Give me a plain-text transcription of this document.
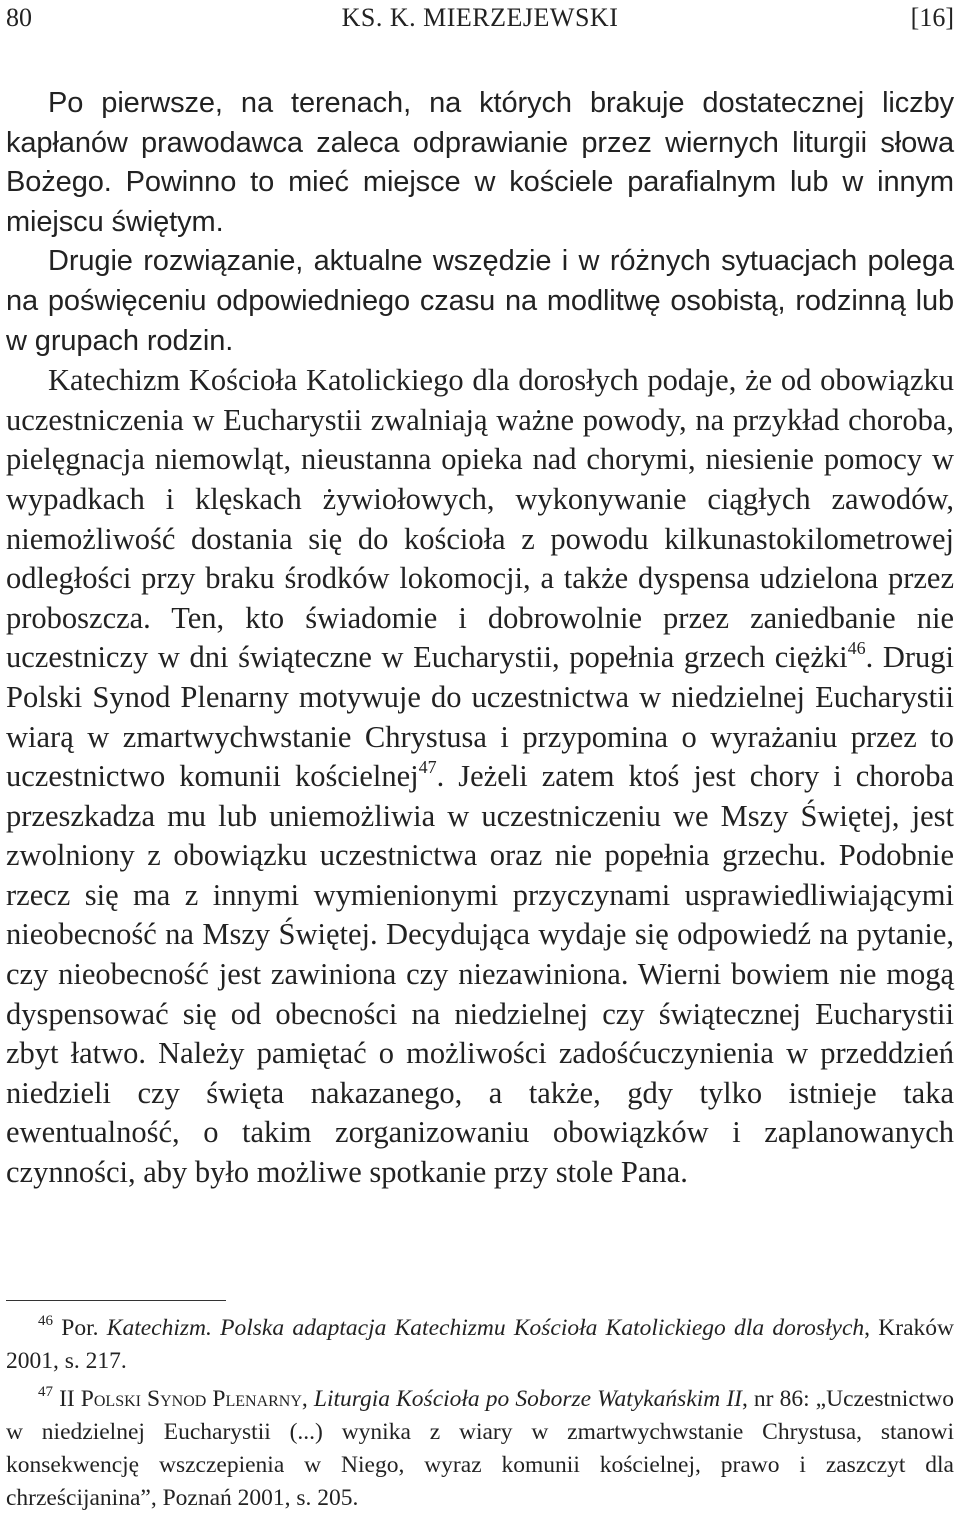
80	KS. K. MIERZEJEWSKI	[16]

Po pierwsze, na terenach, na których brakuje dostatecznej liczby kapłanów prawodawca zaleca odprawianie przez wiernych liturgii słowa Bożego. Powinno to mieć miejsce w kościele parafialnym lub w innym miejscu świętym.

Drugie rozwiązanie, aktualne wszędzie i w różnych sytuacjach polega na poświęceniu odpowiedniego czasu na modlitwę osobistą, rodzinną lub w grupach rodzin.

Katechizm Kościoła Katolickiego dla dorosłych podaje, że od obowiązku uczestniczenia w Eucharystii zwalniają ważne powody, na przykład choroba, pielęgnacja niemowląt, nieustanna opieka nad chorymi, niesienie pomocy w wypadkach i klęskach żywiołowych, wykonywanie ciągłych zawodów, niemożliwość dostania się do kościoła z powodu kilkunastokilometrowej odległości przy braku środków lokomocji, a także dyspensa udzielona przez proboszcza. Ten, kto świadomie i dobrowolnie przez zaniedbanie nie uczestniczy w dni świąteczne w Eucharystii, popełnia grzech ciężki$^{46}$. Drugi Polski Synod Plenarny motywuje do uczestnictwa w niedzielnej Eucharystii wiarą w zmartwychwstanie Chrystusa i przypomina o wyrażaniu przez to uczestnictwo komunii kościelnej$^{47}$. Jeżeli zatem ktoś jest chory i choroba przeszkadza mu lub uniemożliwia w uczestniczeniu we Mszy Świętej, jest zwolniony z obowiązku uczestnictwa oraz nie popełnia grzechu. Podobnie rzecz się ma z innymi wymienionymi przyczynami usprawiedliwiającymi nieobecność na Mszy Świętej. Decydująca wydaje się odpowiedź na pytanie, czy nieobecność jest zawiniona czy niezawiniona. Wierni bowiem nie mogą dyspensować się od obecności na niedzielnej czy świątecznej Eucharystii zbyt łatwo. Należy pamiętać o możliwości zadośćuczynienia w przeddzień niedzieli czy święta nakazanego, a także, gdy tylko istnieje taka ewentualność, o takim zorganizowaniu obowiązków i zaplanowanych czynności, aby było możliwe spotkanie przy stole Pana.

$^{46}$ Por. Katechizm. Polska adaptacja Katechizmu Kościoła Katolickiego dla dorosłych, Kraków 2001, s. 217.

$^{47}$ II Polski Synod Plenarny, Liturgia Kościoła po Soborze Watykańskim II, nr 86: „Uczestnictwo w niedzielnej Eucharystii (...) wynika z wiary w zmartwychwstanie Chrystusa, stanowi konsekwencję wszczepienia w Niego, wyraz komunii kościelnej, prawo i zaszczyt dla chrześcijanina”, Poznań 2001, s. 205.
